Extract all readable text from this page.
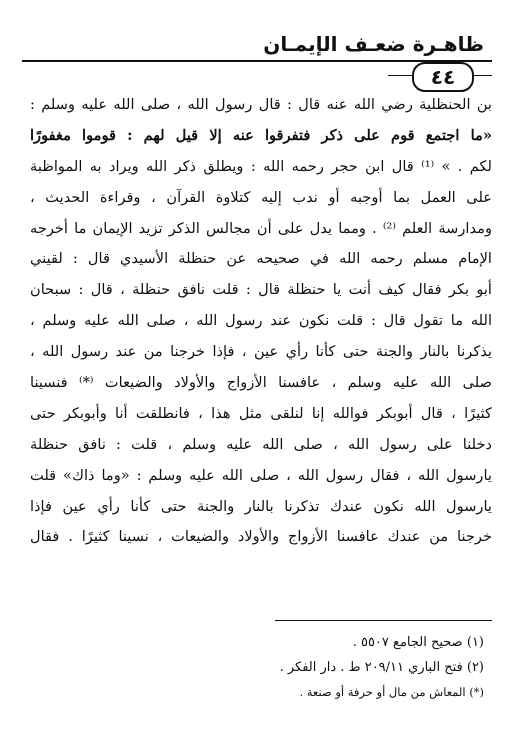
ظاهـرة ضعـف الإيمـان
٤٤
بن الحنظلية رضي الله عنه قال : قال رسول الله ، صلى الله عليه وسلم :
«ما اجتمع قوم على ذكر فتفرقوا عنه إلا قيل لهم : قوموا مغفورًا
لكم . » ⁽¹⁾ قال ابن حجر رحمه الله : ويطلق ذكر الله ويراد به المواظبة
على العمل بما أوجبه أو ندب إليه كتلاوة القرآن ، وقراءة الحديث ،
ومدارسة العلم ⁽²⁾ . ومما يدل على أن مجالس الذكر تزيد الإيمان ما أخرجه
الإمام مسلم رحمه الله في صحيحه عن حنظلة الأسيدي قال : لقيني
أبو بكر فقال كيف أنت يا حنظلة قال : قلت نافق حنظلة ، قال : سبحان
الله ما تقول قال : قلت نكون عند رسول الله ، صلى الله عليه وسلم ،
يذكرنا بالنار والجنة حتى كأنا رأي عين ، فإذا خرجنا من عند رسول الله ،
صلى الله عليه وسلم ، عافسنا الأزواج والأولاد والضيعات ⁽*⁾ فنسينا
كثيرًا ، قال أبوبكر فوالله إنا لنلقى مثل هذا ، فانطلقت أنا وأبوبكر حتى
دخلنا على رسول الله ، صلى الله عليه وسلم ، قلت : نافق حنظلة
يارسول الله ، فقال رسول الله ، صلى الله عليه وسلم : «وما ذاك» قلت
يارسول الله نكون عندك تذكرنا بالنار والجنة حتى كأنا رأي عين فإذا
خرجنا من عندك عافسنا الأزواج والأولاد والضيعات ، نسينا كثيرًا . فقال
(١) صحيح الجامع ٥٥٠٧ .
(٢) فتح الباري ٢٠٩/١١ ط . دار الفكر .
(*) المعاش من مال أو حرفة أو صنعة .
